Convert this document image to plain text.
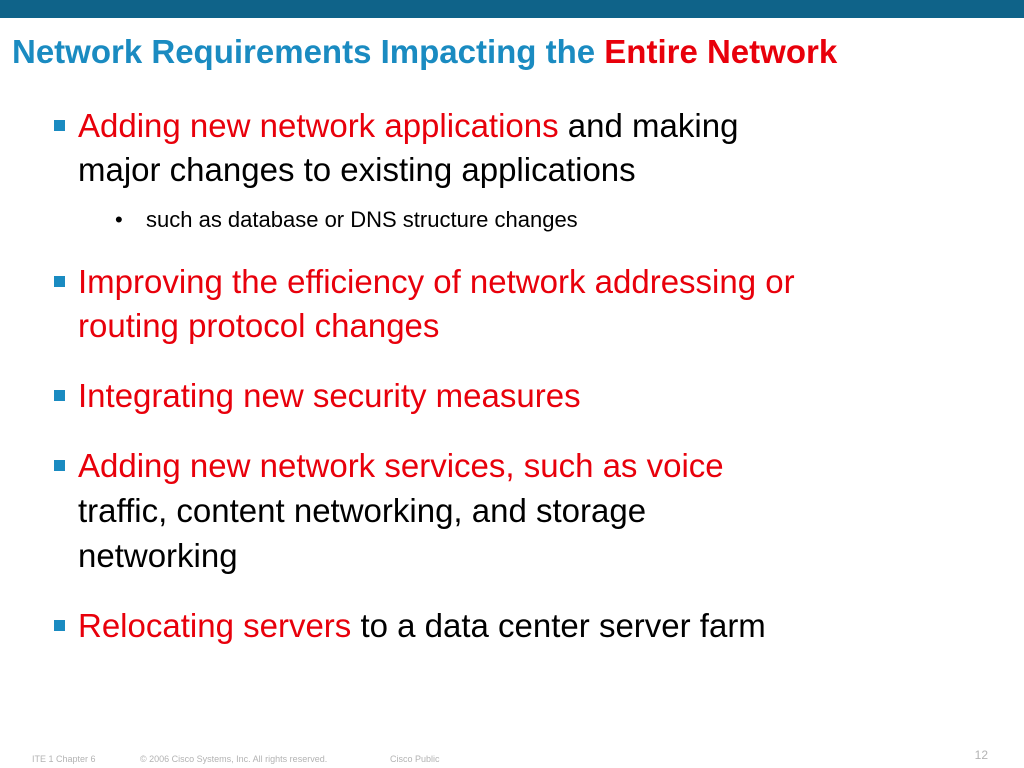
Network Requirements Impacting the Entire Network
Adding new network applications and making
major changes to existing applications
• such as database or DNS structure changes
Improving the efficiency of network addressing or
routing protocol changes
Integrating new security measures
Adding new network services, such as voice
traffic, content networking, and storage
networking
Relocating servers to a data center server farm
ITE 1 Chapter 6	© 2006 Cisco Systems, Inc. All rights reserved.	Cisco Public	12
